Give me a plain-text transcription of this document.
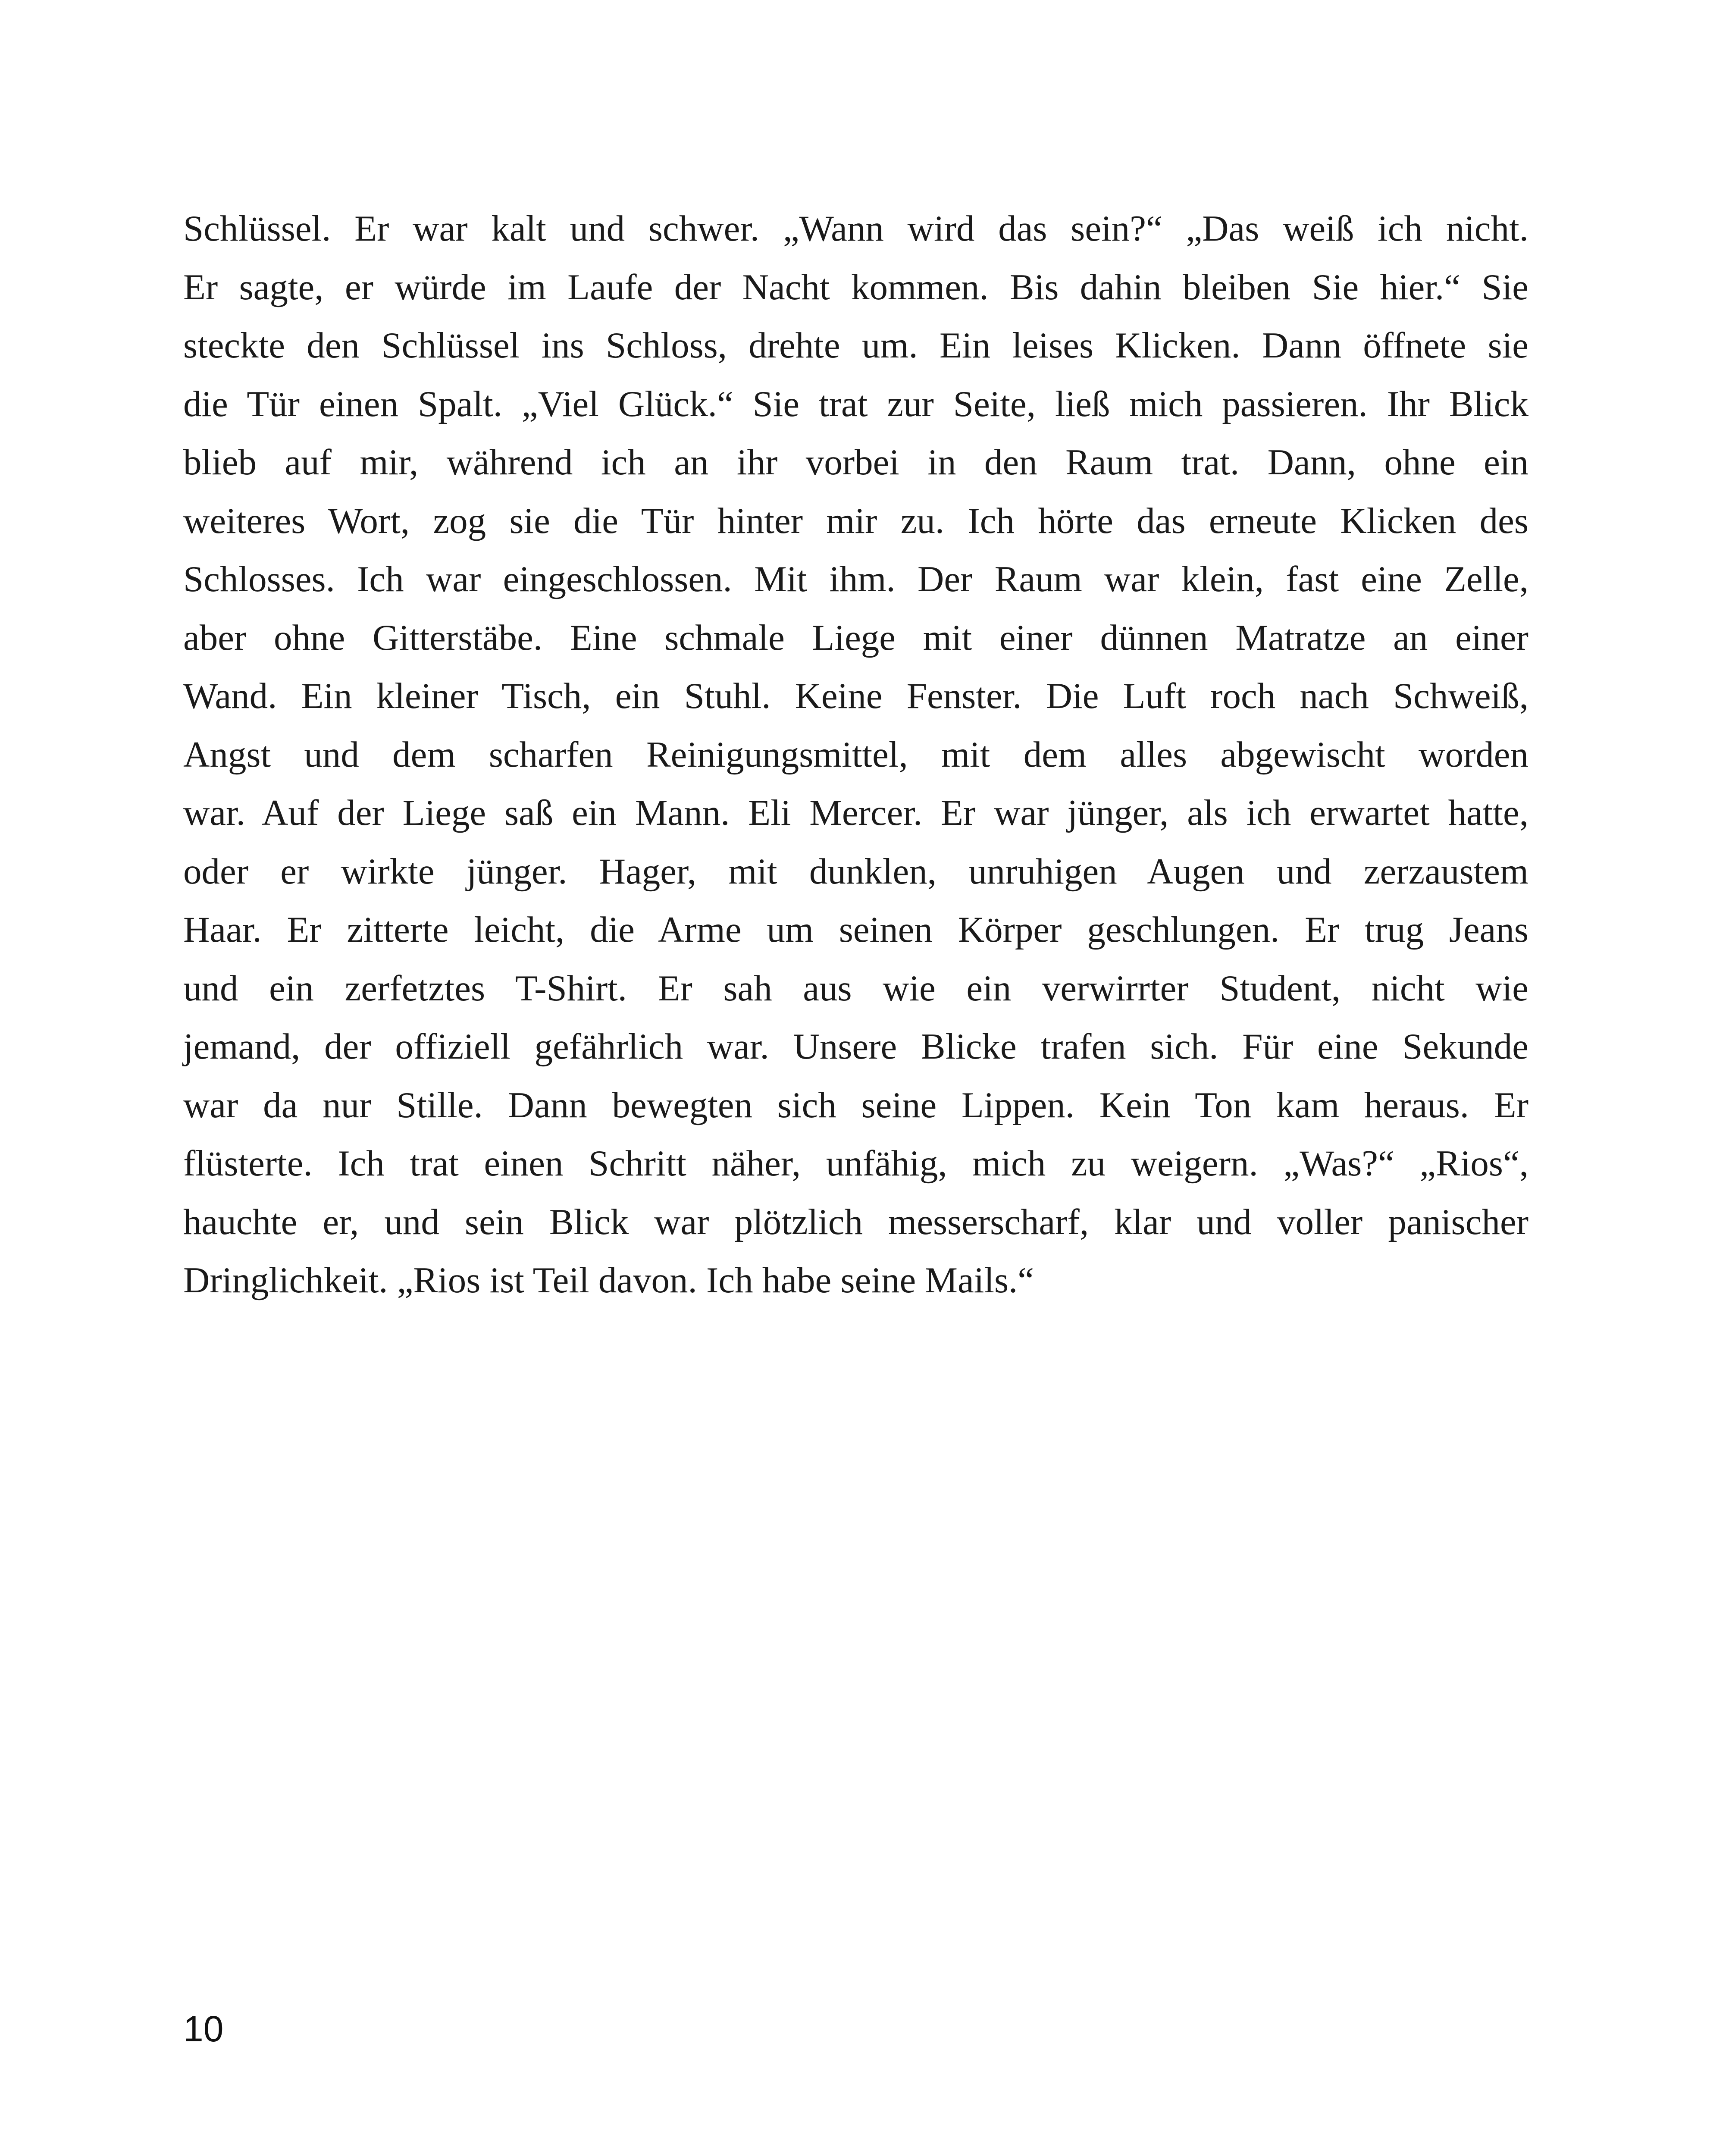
Schlüssel. Er war kalt und schwer. „Wann wird das sein?“ „Das weiß ich nicht.
Er sagte, er würde im Laufe der Nacht kommen. Bis dahin bleiben Sie hier.“ Sie
steckte den Schlüssel ins Schloss, drehte um. Ein leises Klicken. Dann öffnete sie
die Tür einen Spalt. „Viel Glück.“ Sie trat zur Seite, ließ mich passieren. Ihr Blick
blieb auf mir, während ich an ihr vorbei in den Raum trat. Dann, ohne ein
weiteres Wort, zog sie die Tür hinter mir zu. Ich hörte das erneute Klicken des
Schlosses. Ich war eingeschlossen. Mit ihm. Der Raum war klein, fast eine Zelle,
aber ohne Gitterstäbe. Eine schmale Liege mit einer dünnen Matratze an einer
Wand. Ein kleiner Tisch, ein Stuhl. Keine Fenster. Die Luft roch nach Schweiß,
Angst und dem scharfen Reinigungsmittel, mit dem alles abgewischt worden
war. Auf der Liege saß ein Mann. Eli Mercer. Er war jünger, als ich erwartet hatte,
oder er wirkte jünger. Hager, mit dunklen, unruhigen Augen und zerzaustem
Haar. Er zitterte leicht, die Arme um seinen Körper geschlungen. Er trug Jeans
und ein zerfetztes T-Shirt. Er sah aus wie ein verwirrter Student, nicht wie
jemand, der offiziell gefährlich war. Unsere Blicke trafen sich. Für eine Sekunde
war da nur Stille. Dann bewegten sich seine Lippen. Kein Ton kam heraus. Er
flüsterte. Ich trat einen Schritt näher, unfähig, mich zu weigern. „Was?“ „Rios“,
hauchte er, und sein Blick war plötzlich messerscharf, klar und voller panischer
Dringlichkeit. „Rios ist Teil davon. Ich habe seine Mails.“
10
